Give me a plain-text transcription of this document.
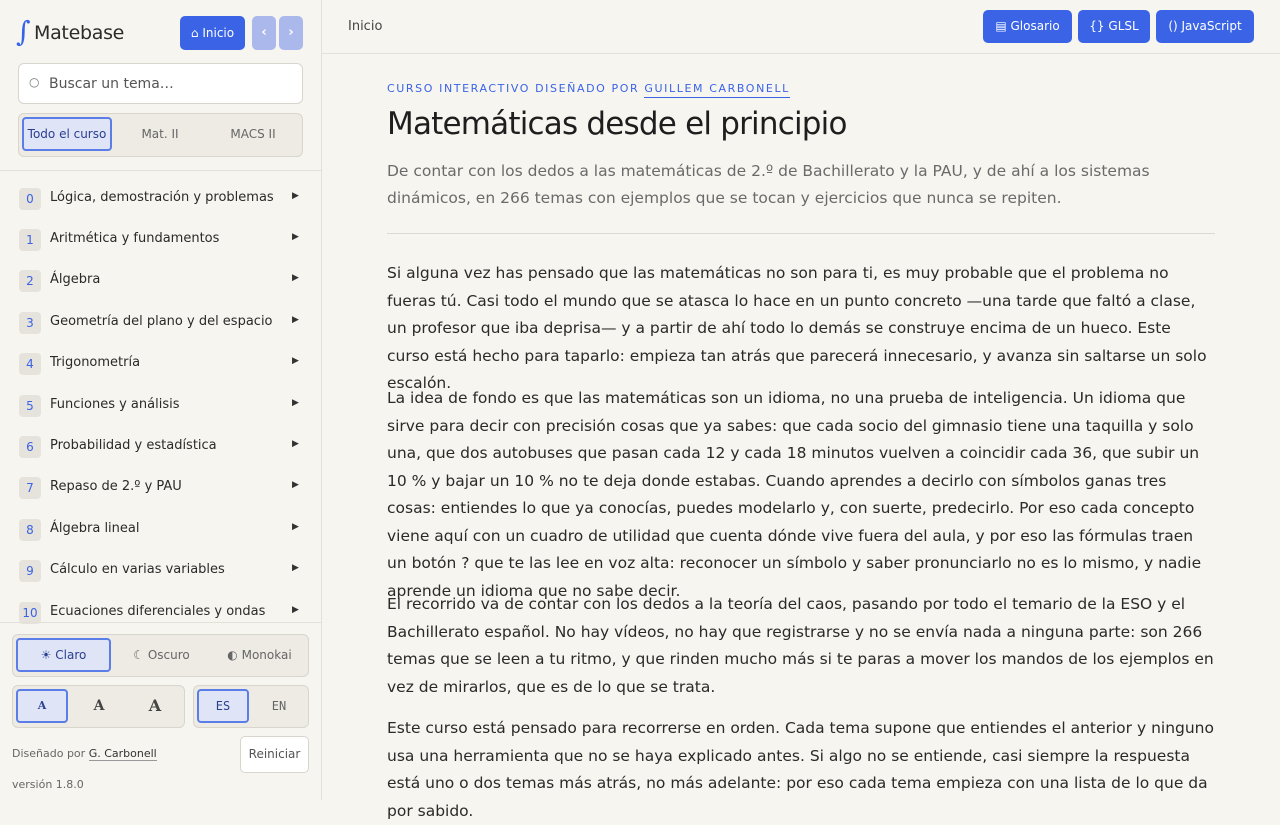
∫ Matebase	⌂ Inicio	‹	›
○
Buscar un tema…
Todo el curso	Mat. II	MACS II
0	Lógica, demostración y problemas ▶
1	Aritmética y fundamentos	▶
2	Álgebra	▶
3	Geometría del plano y del espacio ▶
4	Trigonometría	▶
5	Funciones y análisis	▶
6	Probabilidad y estadística	▶
7	Repaso de 2.º y PAU	▶
8	Álgebra lineal	▶
9	Cálculo en varias variables	▶
10 Ecuaciones diferenciales y ondas	▶
☀ Claro	☾ Oscuro	◐ Monokai
A	A	A	ES	EN
Diseñado por G. Carbonell	Reiniciar
versión 1.8.0
Inicio	▤ Glosario	{} GLSL	() JavaScript
CURSO INTERACTIVO DISEÑADO POR GUILLEM CARBONELL
Matemáticas desde el principio

De contar con los dedos a las matemáticas de 2.º de Bachillerato y la PAU, y de ahí a los sistemas dinámicos, en 266 temas con ejemplos que se tocan y ejercicios que nunca se repiten.

Si alguna vez has pensado que las matemáticas no son para ti, es muy probable que el problema no fueras tú. Casi todo el mundo que se atasca lo hace en un punto concreto —una tarde que faltó a clase, un profesor que iba deprisa— y a partir de ahí todo lo demás se construye encima de un hueco. Este curso está hecho para taparlo: empieza tan atrás que parecerá innecesario, y avanza sin saltarse un solo escalón.

La idea de fondo es que las matemáticas son un idioma, no una prueba de inteligencia. Un idioma que sirve para decir con precisión cosas que ya sabes: que cada socio del gimnasio tiene una taquilla y solo una, que dos autobuses que pasan cada 12 y cada 18 minutos vuelven a coincidir cada 36, que subir un 10 % y bajar un 10 % no te deja donde estabas. Cuando aprendes a decirlo con símbolos ganas tres cosas: entiendes lo que ya conocías, puedes modelarlo y, con suerte, predecirlo. Por eso cada concepto viene aquí con un cuadro de utilidad que cuenta dónde vive fuera del aula, y por eso las fórmulas traen un botón ? que te las lee en voz alta: reconocer un símbolo y saber pronunciarlo no es lo mismo, y nadie aprende un idioma que no sabe decir.

El recorrido va de contar con los dedos a la teoría del caos, pasando por todo el temario de la ESO y el Bachillerato español. No hay vídeos, no hay que registrarse y no se envía nada a ninguna parte: son 266 temas que se leen a tu ritmo, y que rinden mucho más si te paras a mover los mandos de los ejemplos en vez de mirarlos, que es de lo que se trata.

Este curso está pensado para recorrerse en orden. Cada tema supone que entiendes el anterior y ninguno usa una herramienta que no se haya explicado antes. Si algo no se entiende, casi siempre la respuesta está uno o dos temas más atrás, no más adelante: por eso cada tema empieza con una lista de lo que da por sabido.
